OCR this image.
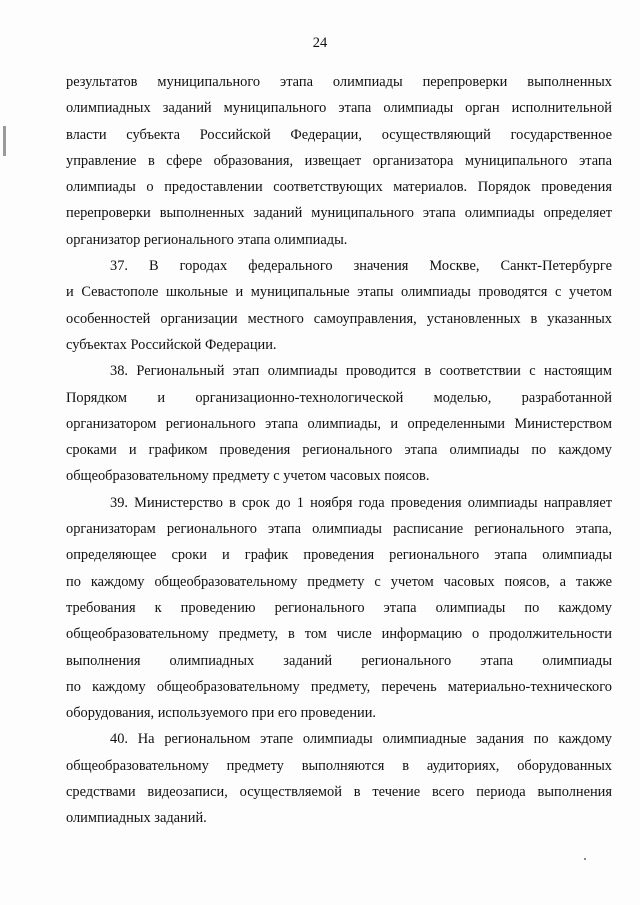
24
результатов муниципального этапа олимпиады перепроверки выполненных
олимпиадных заданий муниципального этапа олимпиады орган исполнительной
власти субъекта Российской Федерации, осуществляющий государственное
управление в сфере образования, извещает организатора муниципального этапа
олимпиады о предоставлении соответствующих материалов. Порядок проведения
перепроверки выполненных заданий муниципального этапа олимпиады определяет
организатор регионального этапа олимпиады.
37. В городах федерального значения Москве, Санкт-Петербурге
и Севастополе школьные и муниципальные этапы олимпиады проводятся с учетом
особенностей организации местного самоуправления, установленных в указанных
субъектах Российской Федерации.
38. Региональный этап олимпиады проводится в соответствии с настоящим
Порядком и организационно-технологической моделью, разработанной
организатором регионального этапа олимпиады, и определенными Министерством
сроками и графиком проведения регионального этапа олимпиады по каждому
общеобразовательному предмету с учетом часовых поясов.
39. Министерство в срок до 1 ноября года проведения олимпиады направляет
организаторам регионального этапа олимпиады расписание регионального этапа,
определяющее сроки и график проведения регионального этапа олимпиады
по каждому общеобразовательному предмету с учетом часовых поясов, а также
требования к проведению регионального этапа олимпиады по каждому
общеобразовательному предмету, в том числе информацию о продолжительности
выполнения олимпиадных заданий регионального этапа олимпиады
по каждому общеобразовательному предмету, перечень материально-технического
оборудования, используемого при его проведении.
40. На региональном этапе олимпиады олимпиадные задания по каждому
общеобразовательному предмету выполняются в аудиториях, оборудованных
средствами видеозаписи, осуществляемой в течение всего периода выполнения
олимпиадных заданий.
